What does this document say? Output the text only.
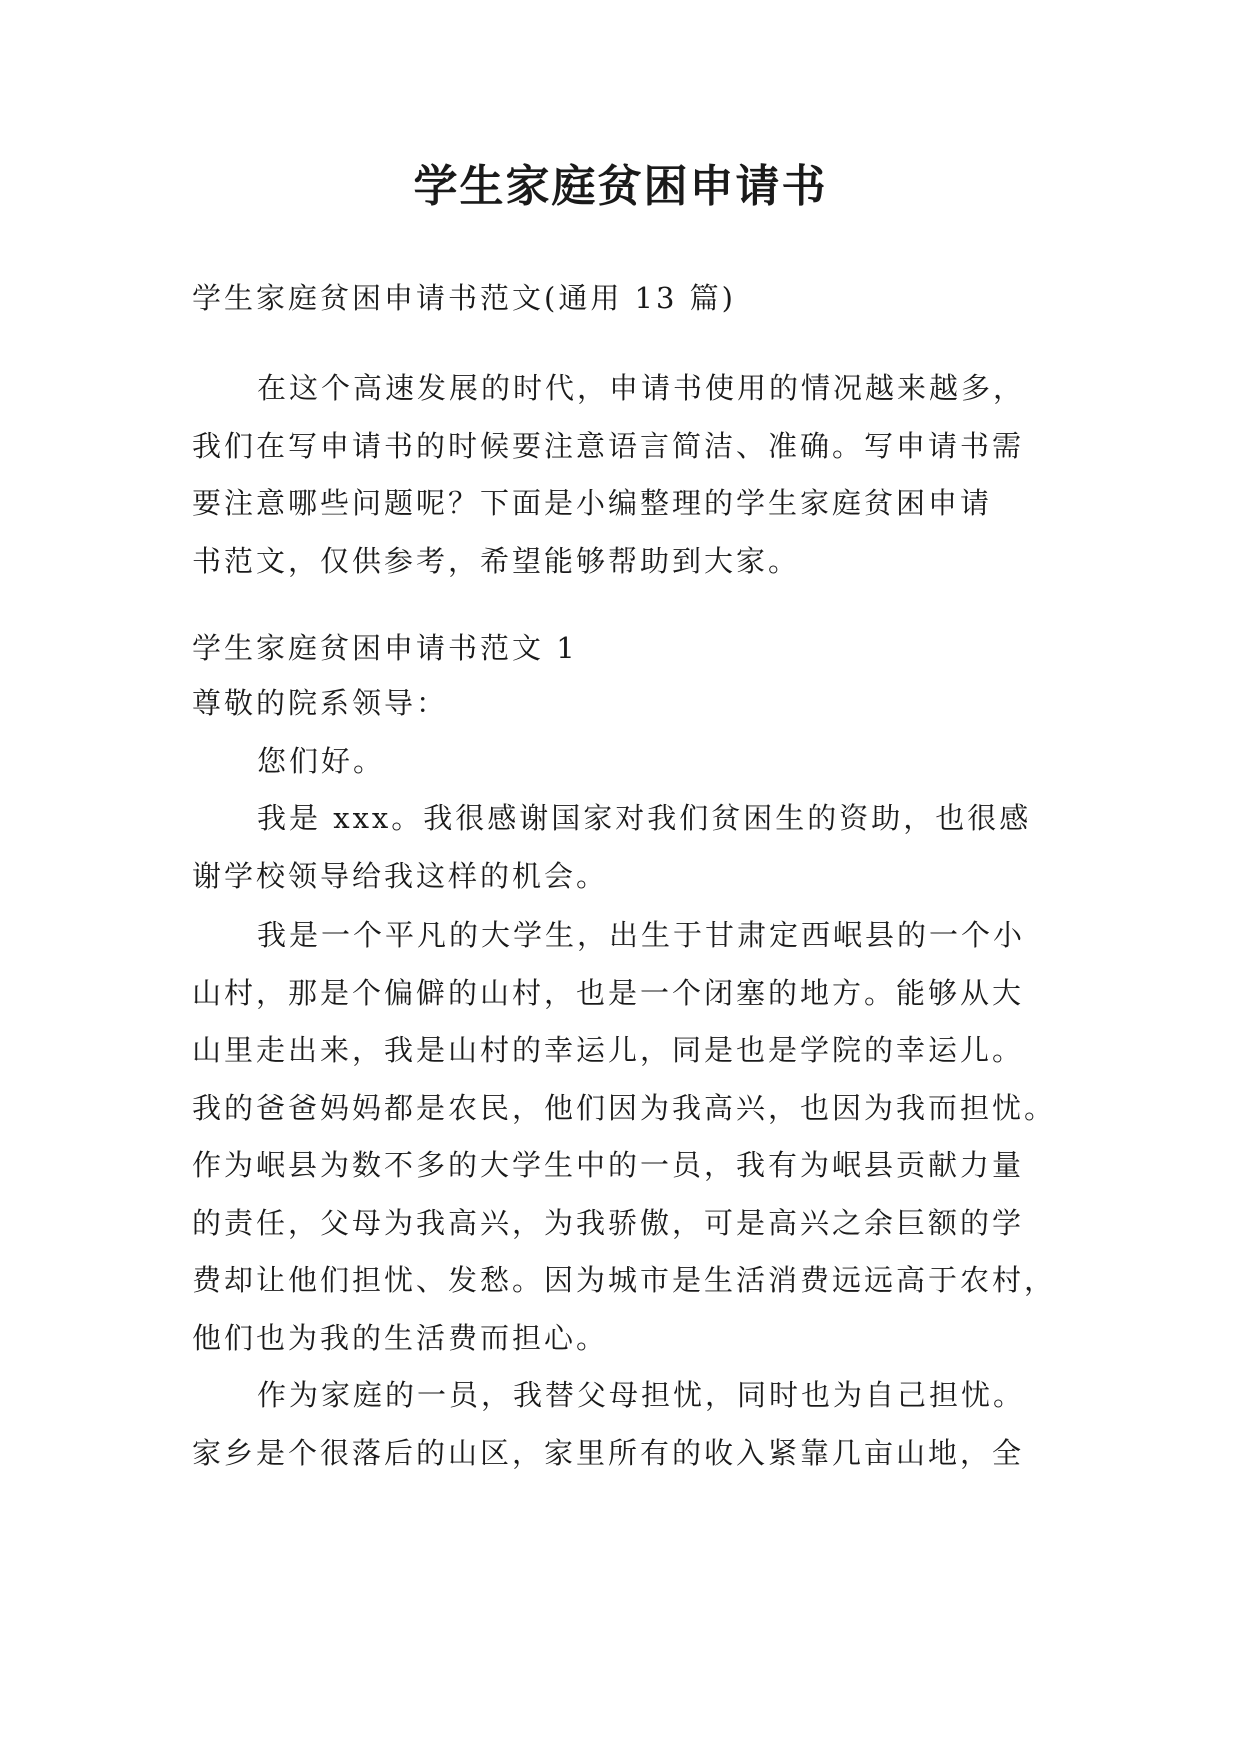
学生家庭贫困申请书

学生家庭贫困申请书范文(通用 13 篇)

在这个高速发展的时代，申请书使用的情况越来越多，

我们在写申请书的时候要注意语言简洁、准确。写申请书需

要注意哪些问题呢？下面是小编整理的学生家庭贫困申请

书范文，仅供参考，希望能够帮助到大家。

学生家庭贫困申请书范文 1

尊敬的院系领导：

您们好。

我是 xxx。我很感谢国家对我们贫困生的资助，也很感

谢学校领导给我这样的机会。

我是一个平凡的大学生，出生于甘肃定西岷县的一个小

山村，那是个偏僻的山村，也是一个闭塞的地方。能够从大

山里走出来，我是山村的幸运儿，同是也是学院的幸运儿。

我的爸爸妈妈都是农民，他们因为我高兴，也因为我而担忧。

作为岷县为数不多的大学生中的一员，我有为岷县贡献力量

的责任，父母为我高兴，为我骄傲，可是高兴之余巨额的学

费却让他们担忧、发愁。因为城市是生活消费远远高于农村，

他们也为我的生活费而担心。

作为家庭的一员，我替父母担忧，同时也为自己担忧。

家乡是个很落后的山区，家里所有的收入紧靠几亩山地，全
